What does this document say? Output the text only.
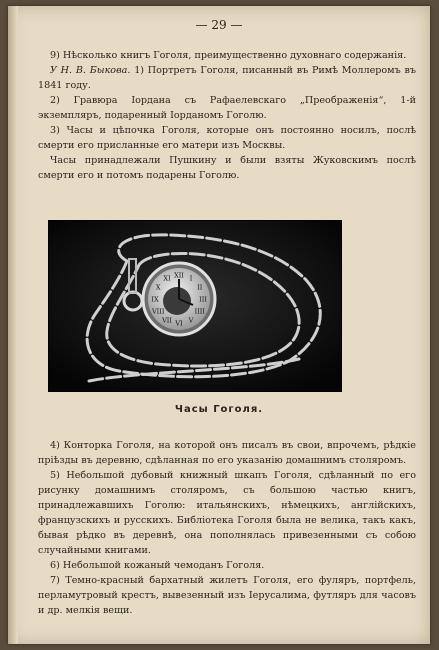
— 29 —

9) Нѣсколько книгъ Гоголя, преимущественно духовнаго содержанія.

У Н. В. Быкова. 1) Портретъ Гоголя, писанный въ Римѣ Моллеромъ въ 1841 году.

2) Гравюра Іордана съ Рафаелевскаго „Преображенія“, 1-й экземпляръ, подаренный Іорданомъ Гоголю.

3) Часы и цѣпочка Гоголя, которые онъ постоянно носилъ, послѣ смерти его присланные его матери изъ Москвы.

Часы принадлежали Пушкину и были взяты Жуковскимъ послѣ смерти его и потомъ подарены Гоголю.

XII I
II
III
IIII
V
VI
VII
VIII
IX
X
XI
Часы Гоголя.

4) Конторка Гоголя, на которой онъ писалъ въ свои, впрочемъ, рѣдкіе пріѣзды въ деревню, сдѣланная по его указанію домашнимъ столяромъ.

5) Небольшой дубовый книжный шкапъ Гоголя, сдѣланный по его рисунку домашнимъ столяромъ, съ большою частью книгъ, принадлежавшихъ Гоголю: итальянскихъ, нѣмецкихъ, англійскихъ, французскихъ и русскихъ. Библіотека Гоголя была не велика, такъ какъ, бывая рѣдко въ деревнѣ, она пополнялась привезенными съ собою случайными книгами.

6) Небольшой кожаный чемоданъ Гоголя.

7) Темно-красный бархатный жилетъ Гоголя, его фуляръ, портфель, перламутровый крестъ, вывезенный изъ Іерусалима, футляръ для часовъ и др. мелкія вещи.
